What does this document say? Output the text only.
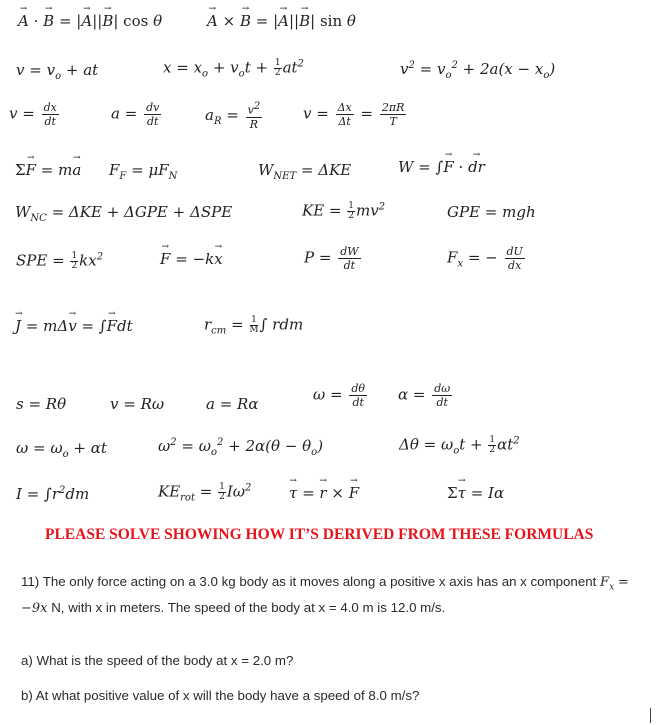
→ A · → B = |→ A||→ B| cos θ	→ A × → B = |→ A||→ B| sin θ
$v = v_o$ + at	$x = x_o + v_ot + \frac{1}{2} at^2$	$v^2 = v_o^2 + 2a(x - x_o)$
$v = \frac{dx}{dt}$	$a = \frac{dv}{dt}$	$a_R = \frac{v^2}{R}$	$v = \frac{\Delta x}{\Delta t} = \frac{2\pi R}{T}$
Σ→ F = m→ a $F_F = \mu F_N$	$W_{NET} = \Delta KE$	W = ∫→ F · → dr
$W_{NC} = \Delta KE + \Delta GPE + \Delta SPE$	KE = $\frac{1}{2} mv^2$	GPE = mgh
SPE = $\frac{1}{2} kx^2$	→ F = −k→ x	$P = \frac{dW}{dt}$	$F_x$ = − $\frac{dU}{dx}$
→ J = mΔ→ v = ∫→ Fdt	$r_{cm} = \frac{1}{M}$ ∫ rdm
s = Rθ	v = Rω	a = Rα
$\omega = \frac{d\theta}{dt}$ $\alpha = \frac{d\omega}{dt}$
$\omega = \omega_o + \alpha t$	$\omega^2 = \omega_o^2 + 2\alpha(\theta - \theta_o)$	$\Delta\theta = \omega_ot + \frac{1}{2} \alpha t^2$
$I = \int r^2dm$	$KE_{rot} = \frac{1}{2} I\omega^2$	→ τ = → r × → F	Σ→ τ = Iα
PLEASE SOLVE SHOWING HOW IT’S DERIVED FROM THESE FORMULAS
11) The only force acting on a 3.0 kg body as it moves along a positive x axis has an x component $F_x = -9x$ N, with x in meters. The speed of the body at x = 4.0 m is 12.0 m/s.
a) What is the speed of the body at x = 2.0 m?
b) At what positive value of x will the body have a speed of 8.0 m/s?
